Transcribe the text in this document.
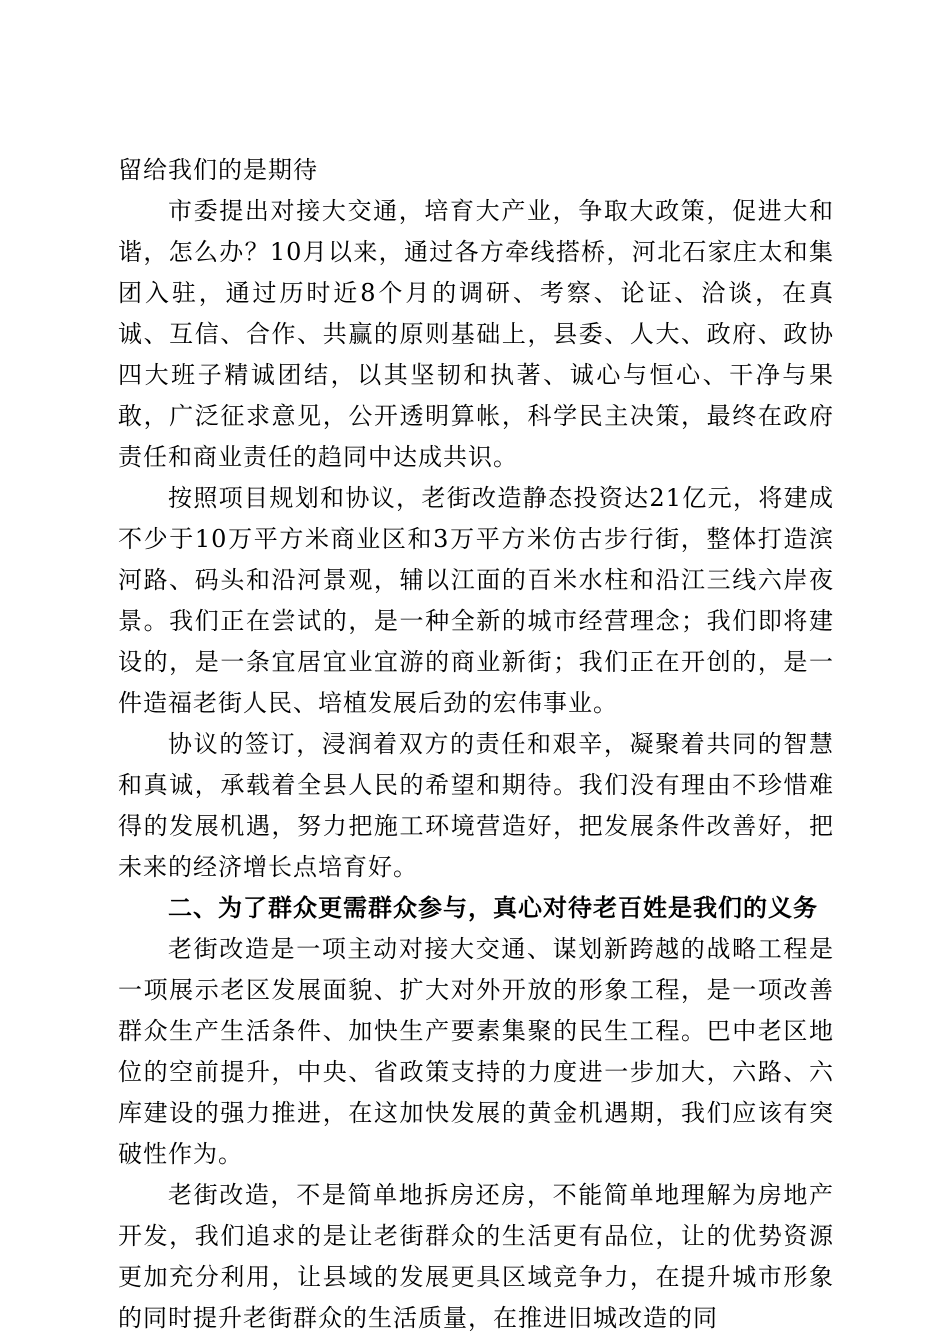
留给我们的是期待

市委提出对接大交通，培育大产业，争取大政策，促进大和谐，怎么办？10月以来，通过各方牵线搭桥，河北石家庄太和集团入驻，通过历时近8个月的调研、考察、论证、洽谈，在真诚、互信、合作、共赢的原则基础上，县委、人大、政府、政协四大班子精诚团结，以其坚韧和执著、诚心与恒心、干净与果敢，广泛征求意见，公开透明算帐，科学民主决策，最终在政府责任和商业责任的趋同中达成共识。

按照项目规划和协议，老街改造静态投资达21亿元，将建成不少于10万平方米商业区和3万平方米仿古步行街，整体打造滨河路、码头和沿河景观，辅以江面的百米水柱和沿江三线六岸夜景。我们正在尝试的，是一种全新的城市经营理念；我们即将建设的，是一条宜居宜业宜游的商业新街；我们正在开创的，是一件造福老街人民、培植发展后劲的宏伟事业。

协议的签订，浸润着双方的责任和艰辛，凝聚着共同的智慧和真诚，承载着全县人民的希望和期待。我们没有理由不珍惜难得的发展机遇，努力把施工环境营造好，把发展条件改善好，把未来的经济增长点培育好。

二、为了群众更需群众参与，真心对待老百姓是我们的义务

老街改造是一项主动对接大交通、谋划新跨越的战略工程是一项展示老区发展面貌、扩大对外开放的形象工程，是一项改善群众生产生活条件、加快生产要素集聚的民生工程。巴中老区地位的空前提升，中央、省政策支持的力度进一步加大，六路、六库建设的强力推进，在这加快发展的黄金机遇期，我们应该有突破性作为。

老街改造，不是简单地拆房还房，不能简单地理解为房地产开发，我们追求的是让老街群众的生活更有品位，让的优势资源更加充分利用，让县域的发展更具区域竞争力，在提升城市形象的同时提升老街群众的生活质量，在推进旧城改造的同
